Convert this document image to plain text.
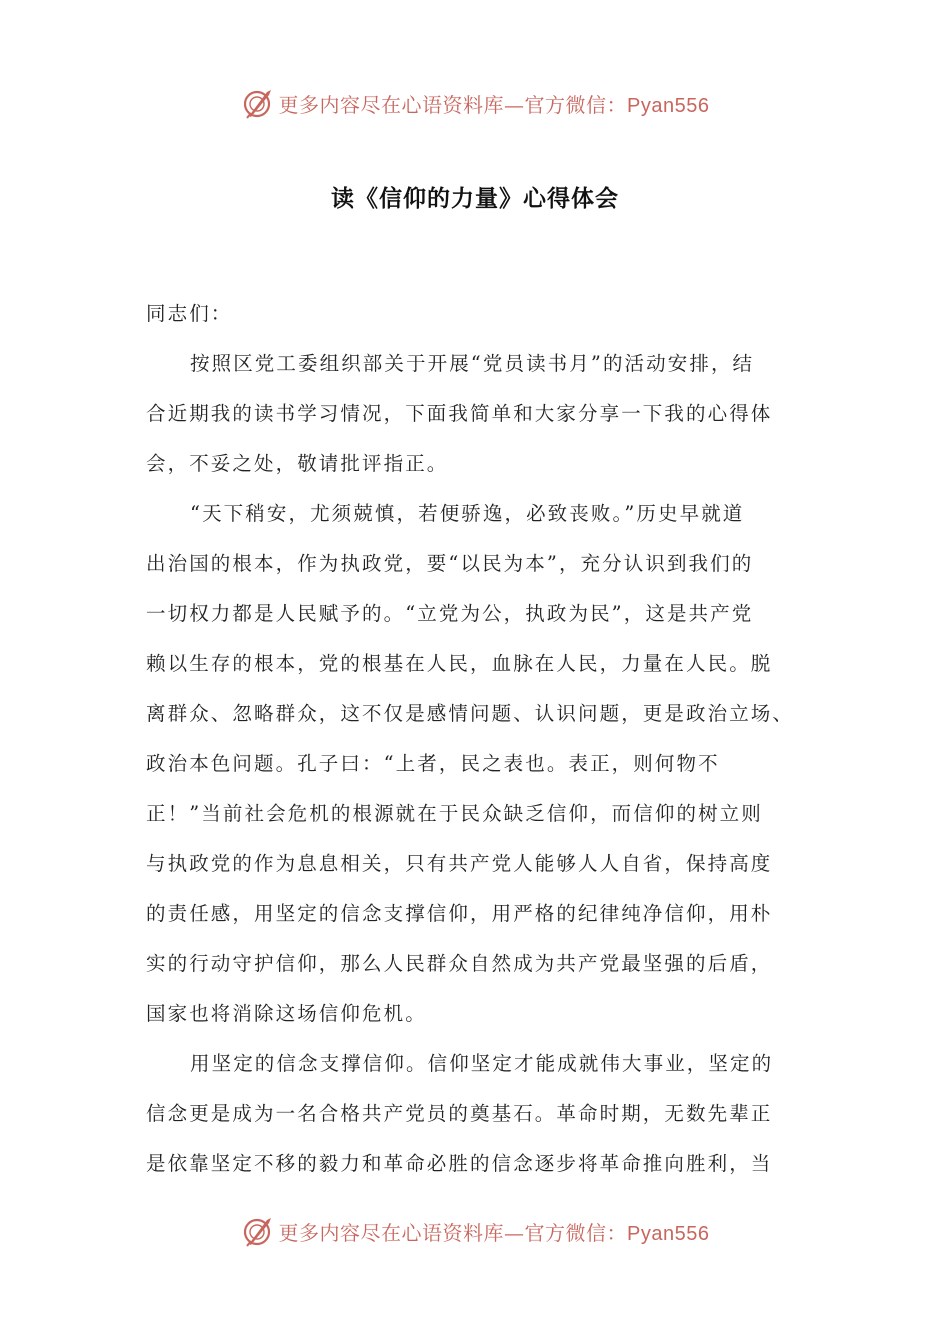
更多内容尽在心语资料库—官方微信：Pyan556
读《信仰的力量》心得体会

同志们：

按照区党工委组织部关于开展“党员读书月”的活动安排，结
合近期我的读书学习情况，下面我简单和大家分享一下我的心得体
会，不妥之处，敬请批评指正。

“天下稍安，尤须兢慎，若便骄逸，必致丧败。”历史早就道
出治国的根本，作为执政党，要“以民为本”，充分认识到我们的
一切权力都是人民赋予的。“立党为公，执政为民”，这是共产党
赖以生存的根本，党的根基在人民，血脉在人民，力量在人民。脱
离群众、忽略群众，这不仅是感情问题、认识问题，更是政治立场、
政治本色问题。孔子曰：“上者，民之表也。表正，则何物不
正！”当前社会危机的根源就在于民众缺乏信仰，而信仰的树立则
与执政党的作为息息相关，只有共产党人能够人人自省，保持高度
的责任感，用坚定的信念支撑信仰，用严格的纪律纯净信仰，用朴
实的行动守护信仰，那么人民群众自然成为共产党最坚强的后盾，
国家也将消除这场信仰危机。

用坚定的信念支撑信仰。信仰坚定才能成就伟大事业，坚定的
信念更是成为一名合格共产党员的奠基石。革命时期，无数先辈正
是依靠坚定不移的毅力和革命必胜的信念逐步将革命推向胜利，当

更多内容尽在心语资料库—官方微信：Pyan556
